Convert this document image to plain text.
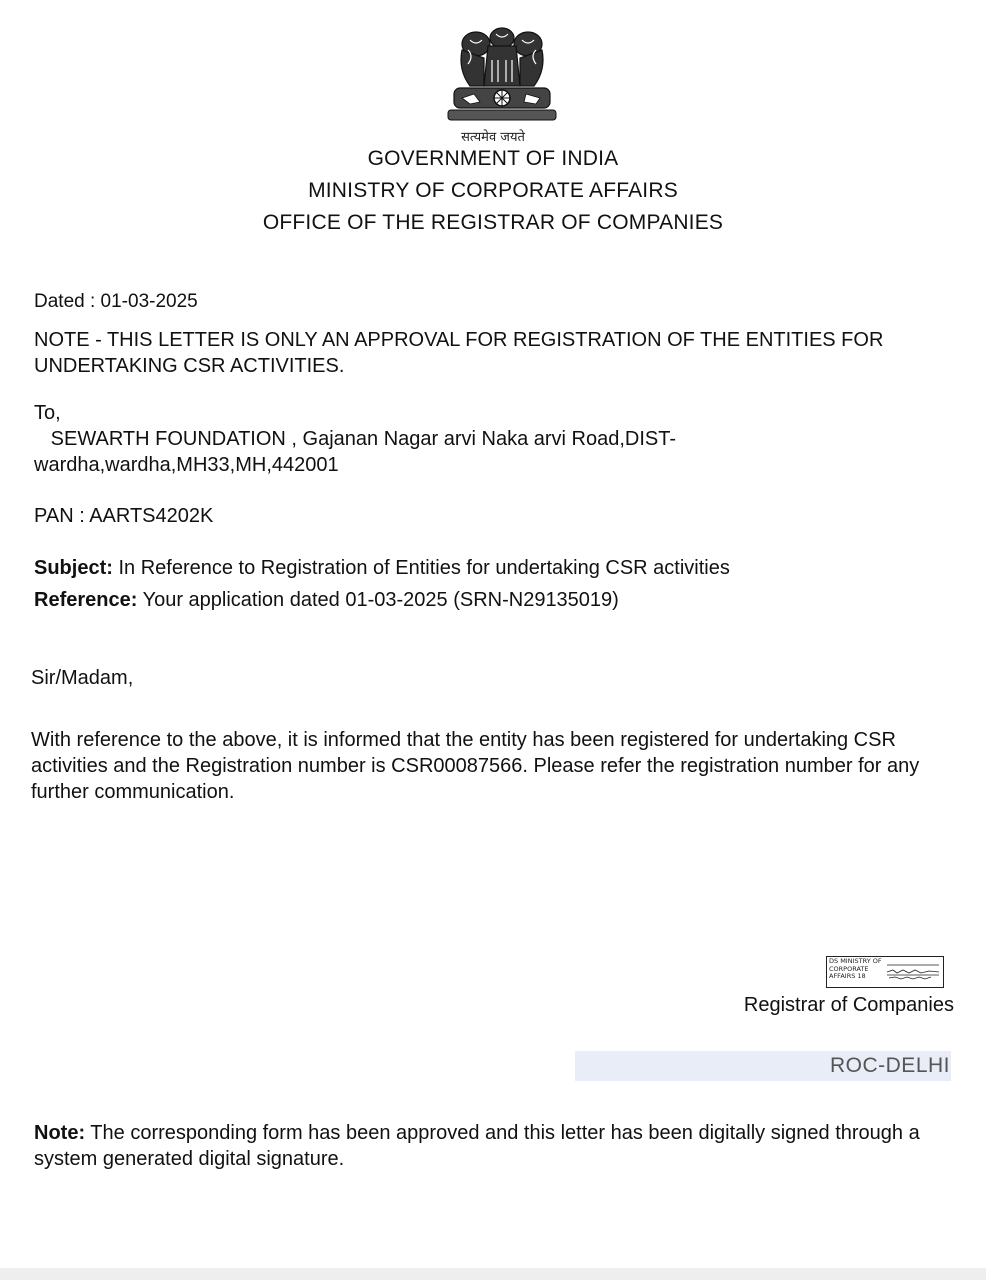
सत्यमेव जयते
GOVERNMENT OF INDIA
MINISTRY OF CORPORATE AFFAIRS
OFFICE OF THE REGISTRAR OF COMPANIES
Dated : 01-03-2025
NOTE - THIS LETTER IS ONLY AN APPROVAL FOR REGISTRATION OF THE ENTITIES FOR UNDERTAKING CSR ACTIVITIES.
To,
SEWARTH FOUNDATION , Gajanan Nagar arvi Naka arvi Road,DIST-wardha,wardha,MH33,MH,442001
PAN : AARTS4202K
Subject: In Reference to Registration of Entities for undertaking CSR activities
Reference: Your application dated 01-03-2025 (SRN-N29135019)
Sir/Madam,
With reference to the above, it is informed that the entity has been registered for undertaking CSR activities and the Registration number is CSR00087566. Please refer the registration number for any further communication.
DS MINISTRY OF CORPORATE AFFAIRS 18
Registrar of Companies
ROC-DELHI
Note: The corresponding form has been approved and this letter has been digitally signed through a system generated digital signature.
